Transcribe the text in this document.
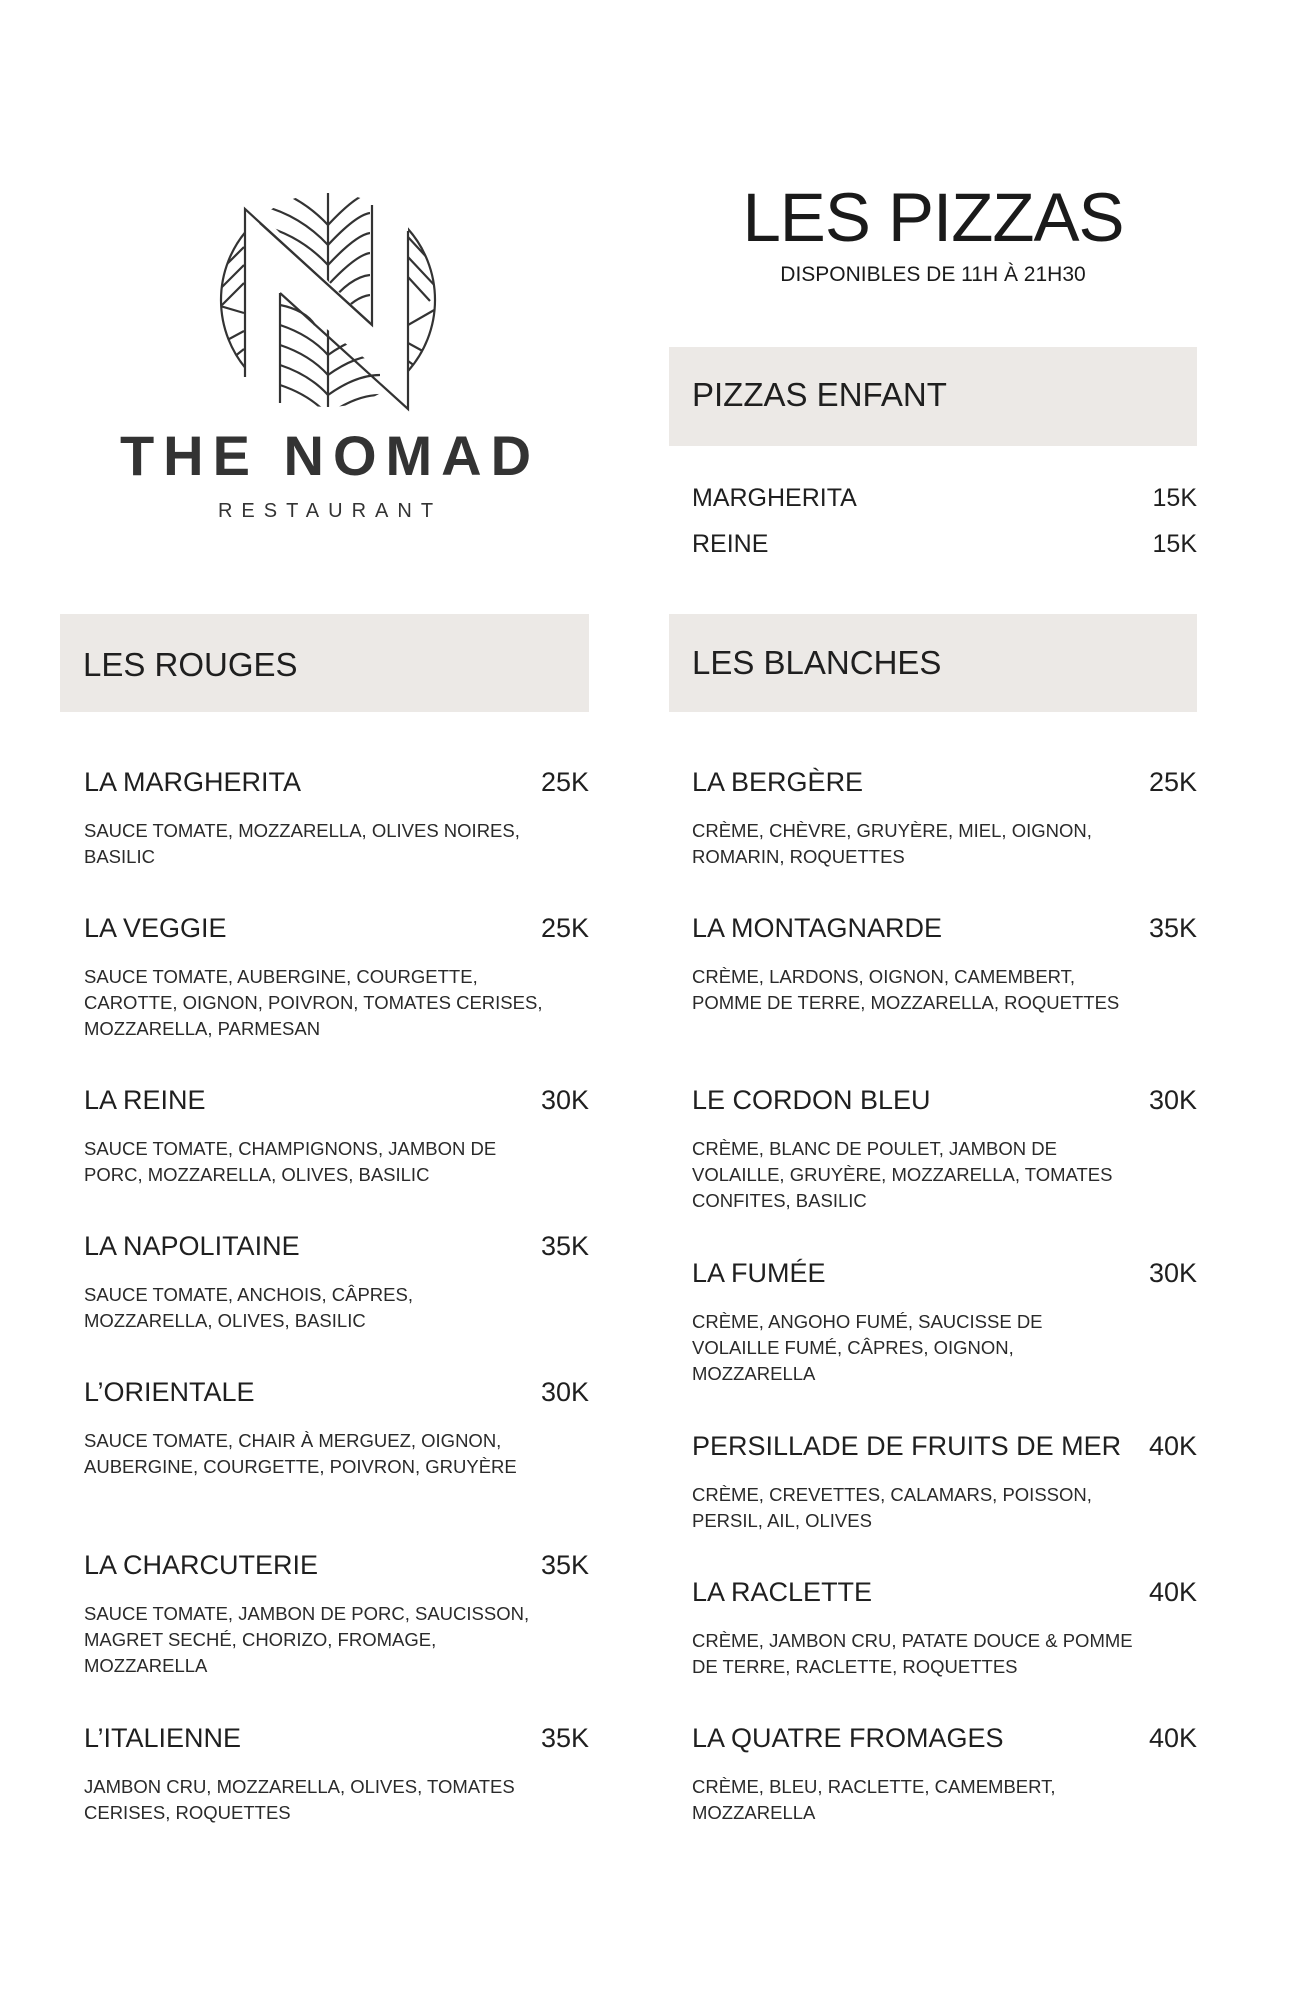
THE NOMAD
RESTAURANT
LES PIZZAS
DISPONIBLES DE 11H À 21H30
PIZZAS ENFANT
MARGHERITA	15K
REINE	15K
LES ROUGES	LES BLANCHES
LA MARGHERITA	25K
SAUCE TOMATE, MOZZARELLA, OLIVES NOIRES,
BASILIC
LA VEGGIE	25K
SAUCE TOMATE, AUBERGINE, COURGETTE,
CAROTTE, OIGNON, POIVRON, TOMATES CERISES,
MOZZARELLA, PARMESAN
LA REINE	30K
SAUCE TOMATE, CHAMPIGNONS, JAMBON DE
PORC, MOZZARELLA, OLIVES, BASILIC
LA NAPOLITAINE	35K
SAUCE TOMATE, ANCHOIS, CÂPRES,
MOZZARELLA, OLIVES, BASILIC
L’ORIENTALE	30K
SAUCE TOMATE, CHAIR À MERGUEZ, OIGNON,
AUBERGINE, COURGETTE, POIVRON, GRUYÈRE
LA CHARCUTERIE	35K
SAUCE TOMATE, JAMBON DE PORC, SAUCISSON,
MAGRET SECHÉ, CHORIZO, FROMAGE, MOZZARELLA
L’ITALIENNE	35K
JAMBON CRU, MOZZARELLA, OLIVES, TOMATES
CERISES, ROQUETTES
LA BERGÈRE	25K
CRÈME, CHÈVRE, GRUYÈRE, MIEL, OIGNON,
ROMARIN, ROQUETTES
LA MONTAGNARDE	35K
CRÈME, LARDONS, OIGNON, CAMEMBERT,
POMME DE TERRE, MOZZARELLA, ROQUETTES
LE CORDON BLEU	30K
CRÈME, BLANC DE POULET, JAMBON DE
VOLAILLE, GRUYÈRE, MOZZARELLA, TOMATES
CONFITES, BASILIC
LA FUMÉE	30K
CRÈME, ANGOHO FUMÉ, SAUCISSE DE
VOLAILLE FUMÉ, CÂPRES, OIGNON,
MOZZARELLA
PERSILLADE DE FRUITS DE MER 40K
CRÈME, CREVETTES, CALAMARS, POISSON,
PERSIL, AIL, OLIVES
LA RACLETTE	40K
CRÈME, JAMBON CRU, PATATE DOUCE & POMME
DE TERRE, RACLETTE, ROQUETTES
LA QUATRE FROMAGES	40K
CRÈME, BLEU, RACLETTE, CAMEMBERT,
MOZZARELLA
